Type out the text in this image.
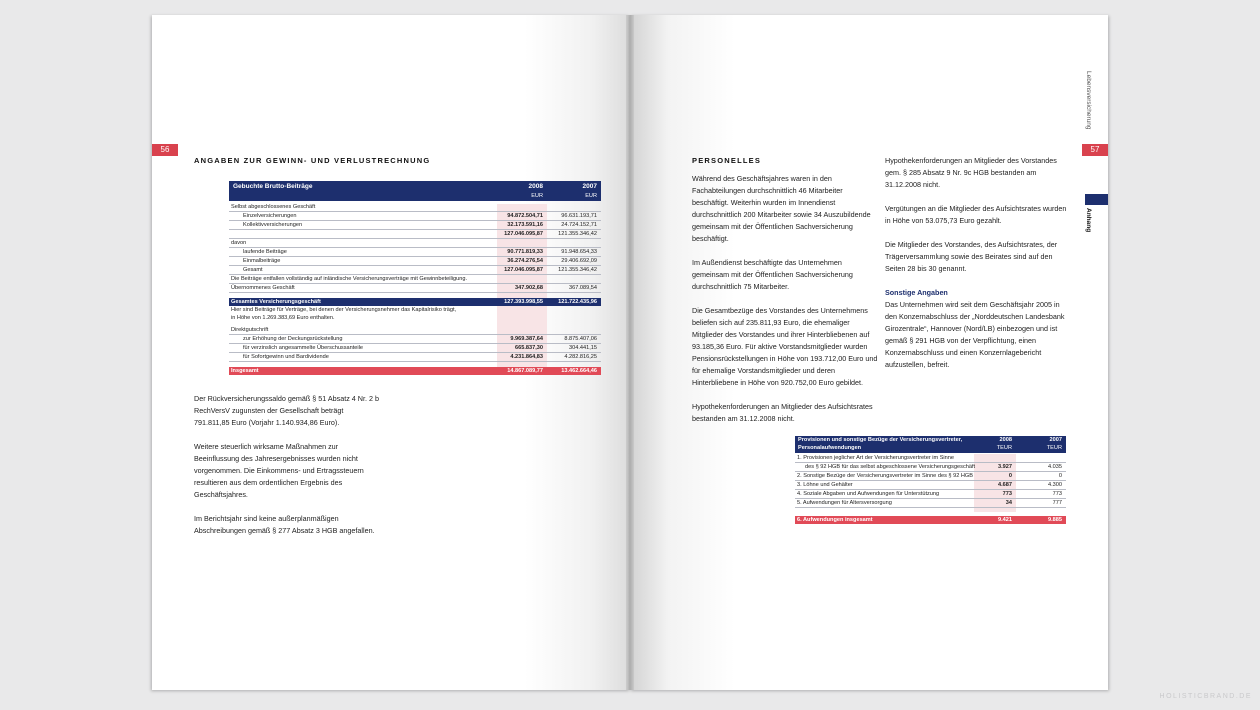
56
ANGABEN ZUR GEWINN- UND VERLUSTRECHNUNG
Gebuchte Brutto-Beiträge	2008	2007
EUR	EUR
Selbst abgeschlossenes Geschäft
Einzelversicherungen	94.872.504,71	96.631.193,71
Kollektivversicherungen	32.173.591,16	24.724.152,71
127.046.095,87	121.355.346,42
davon
laufende Beiträge	90.771.819,33	91.948.654,33
Einmalbeiträge	36.274.276,54	29.406.692,09
Gesamt	127.046.095,87	121.355.346,42
Die Beiträge entfallen vollständig auf inländische Versicherungsverträge mit Gewinnbeteiligung.
Übernommenes Geschäft	347.902,68	367.089,54
Gesamtes Versicherungsgeschäft	127.393.998,55	121.722.435,96
Hier sind Beiträge für Verträge, bei denen der Versicherungsnehmer das Kapitalrisiko trägt,
in Höhe von 1.269.383,69 Euro enthalten.
Direktgutschrift
zur Erhöhung der Deckungsrückstellung	9.969.387,64	8.875.407,06
für verzinslich angesammelte Überschussanteile	665.837,30	304.441,15
für Sofortgewinn und Bardividende	4.231.864,83	4.282.816,25
Insgesamt	14.867.089,77	13.462.664,46

Der Rückversicherungssaldo gemäß § 51 Absatz 4 Nr. 2 b RechVersV zugunsten der Gesellschaft beträgt 791.811,85 Euro (Vorjahr 1.140.934,86 Euro).

Weitere steuerlich wirksame Maßnahmen zur Beeinflussung des Jahresergebnisses wurden nicht vorgenommen. Die Einkommens- und Ertragssteuern resultieren aus dem ordentlichen Ergebnis des Geschäftsjahres.

Im Berichtsjahr sind keine außerplanmäßigen Abschreibungen gemäß § 277 Absatz 3 HGB angefallen.

57
Lebensversicherung
Anhang
PERSONELLES

Während des Geschäftsjahres waren in den Fachabteilungen durchschnittlich 46 Mitarbeiter beschäftigt. Weiterhin wurden im Innendienst durchschnittlich 200 Mitarbeiter sowie 34 Auszubildende gemeinsam mit der Öffentlichen Sachversicherung beschäftigt.

Im Außendienst beschäftigte das Unternehmen gemeinsam mit der Öffentlichen Sachversicherung durchschnittlich 75 Mitarbeiter.

Die Gesamtbezüge des Vorstandes des Unternehmens beliefen sich auf 235.811,93 Euro, die ehemaliger Mitglieder des Vorstandes und ihrer Hinterbliebenen auf 93.185,36 Euro. Für aktive Vorstandsmitglieder wurden Pensionsrückstellungen in Höhe von 193.712,00 Euro und für ehemalige Vorstandsmitglieder und deren Hinterbliebene in Höhe von 920.752,00 Euro gebildet.

Hypothekenforderungen an Mitglieder des Aufsichtsrates bestanden am 31.12.2008 nicht.

Hypothekenforderungen an Mitglieder des Vorstandes gem. § 285 Absatz 9 Nr. 9c HGB bestanden am 31.12.2008 nicht.

Vergütungen an die Mitglieder des Aufsichtsrates wurden in Höhe von 53.075,73 Euro gezahlt.

Die Mitglieder des Vorstandes, des Aufsichtsrates, der Trägerversammlung sowie des Beirates sind auf den Seiten 28 bis 30 genannt.

Sonstige Angaben
Das Unternehmen wird seit dem Geschäftsjahr 2005 in den Konzernabschluss der „Norddeutschen Landesbank Girozentrale“, Hannover (Nord/LB) einbezogen und ist gemäß § 291 HGB von der Verpflichtung, einen Konzernabschluss und einen Konzernlagebericht aufzustellen, befreit.
Provisionen und sonstige Bezüge der Versicherungsvertreter,
Personalaufwendungen
2008	2007
TEUR	TEUR
1. Provisionen jeglicher Art der Versicherungsvertreter im Sinne
des § 92 HGB für das selbst abgeschlossene Versicherungsgeschäft	3.927	4.035
2. Sonstige Bezüge der Versicherungsvertreter im Sinne des § 92 HGB	0	0
3. Löhne und Gehälter	4.687	4.300
4. Soziale Abgaben und Aufwendungen für Unterstützung	773	773
5. Aufwendungen für Altersversorgung	34	777
6. Aufwendungen insgesamt	9.421	9.885
HOLISTICBRAND.DE
